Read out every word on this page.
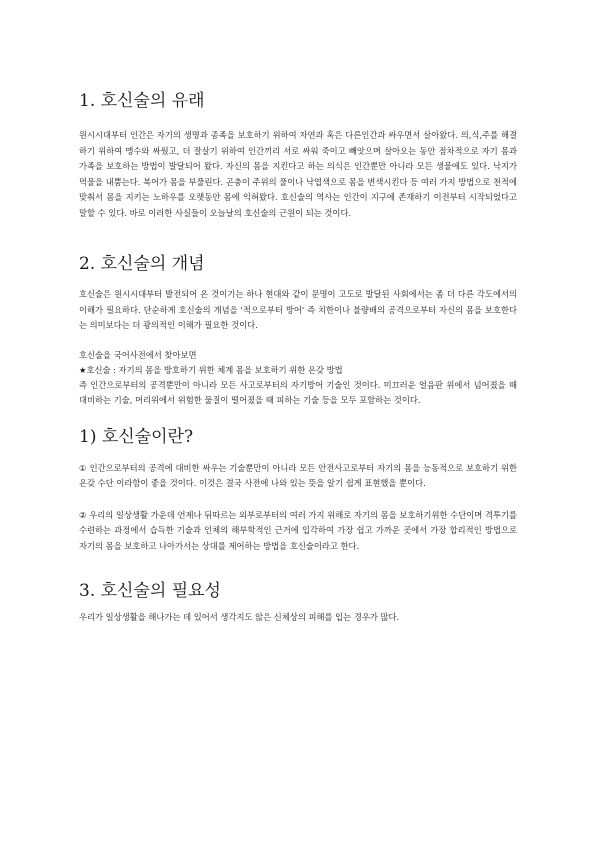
1. 호신술의 유래

원시시대부터 인간은 자기의 생명과 종족을 보호하기 위하여 자연과 혹은 다른인간과 싸우면서 살아왔다. 의,식,주를 해결하기 위하여 맹수와 싸웠고, 더 잘살기 위하여 인간끼리 서로 싸워 죽이고 빼앗으며 살아오는 동안 점차적으로 자기 몸과 가족을 보호하는 방법이 발달되어 왔다. 자신의 몸을 지킨다고 하는 의식은 인간뿐만 아니라 모든 생물에도 있다. 낙지가 먹물을 내뿜는다. 복어가 몸을 부풀린다. 곤충이 주위의 풀이나 낙엽색으로 몸을 변색시킨다 등 여러 가지 방법으로 천적에 맞춰서 몸을 지키는 노하우를 오랫동안 몸에 익혀왔다. 호신술의 역사는 인간이 지구에 존재하기 이전부터 시작되었다고 말할 수 있다. 바로 이러한 사실들이 오늘날의 호신술의 근원이 되는 것이다.

2. 호신술의 개념

호신술은 원시시대부터 발전되어 온 것이기는 하나 현대와 같이 문명이 고도로 발달된 사회에서는 좀 더 다른 각도에서의 이해가 필요하다. 단순하게 호신술의 개념을 '적으로부터 방어' 즉 치한이나 불량배의 공격으로부터 자신의 몸을 보호한다는 의미보다는 더 광의적인 이해가 필요한 것이다.

호신술을 국어사전에서 찾아보면
★호신술 : 자기의 몸을 방호하기 위한 체계 몸을 보호하기 위한 온갖 방법
즉 인간으로부터의 공격뿐만이 아니라 모든 사고로부터의 자기방어 기술인 것이다. 미끄러운 얼음판 위에서 넘어졌을 때 대비하는 기술, 머리위에서 위험한 물질이 떨어졌을 때 피하는 기술 등을 모두 포함하는 것이다.

1) 호신술이란?

① 인간으로부터의 공격에 대비한 싸우는 기술뿐만이 아니라 모든 안전사고로부터 자기의 몸을 능동적으로 보호하기 위한 온갖 수단 이라함이 좋을 것이다. 이것은 결국 사전에 나와 있는 뜻을 알기 쉽게 표현했을 뿐이다.

② 우리의 일상생활 가운데 언제나 뒤따르는 외부로부터의 여러 가지 위해로 자기의 몸을 보호하기위한 수단이며 격투기를 수련하는 과정에서 습득한 기술과 인체의 해부학적인 근거에 입각하여 가장 쉽고 가까운 곳에서 가장 합리적인 방법으로 자기의 몸을 보호하고 나아가서는 상대를 제어하는 방법을 호신술이라고 한다.

3. 호신술의 필요성

우리가 일상생활을 해나가는 데 있어서 생각지도 않은 신체상의 피해를 입는 경우가 많다.
